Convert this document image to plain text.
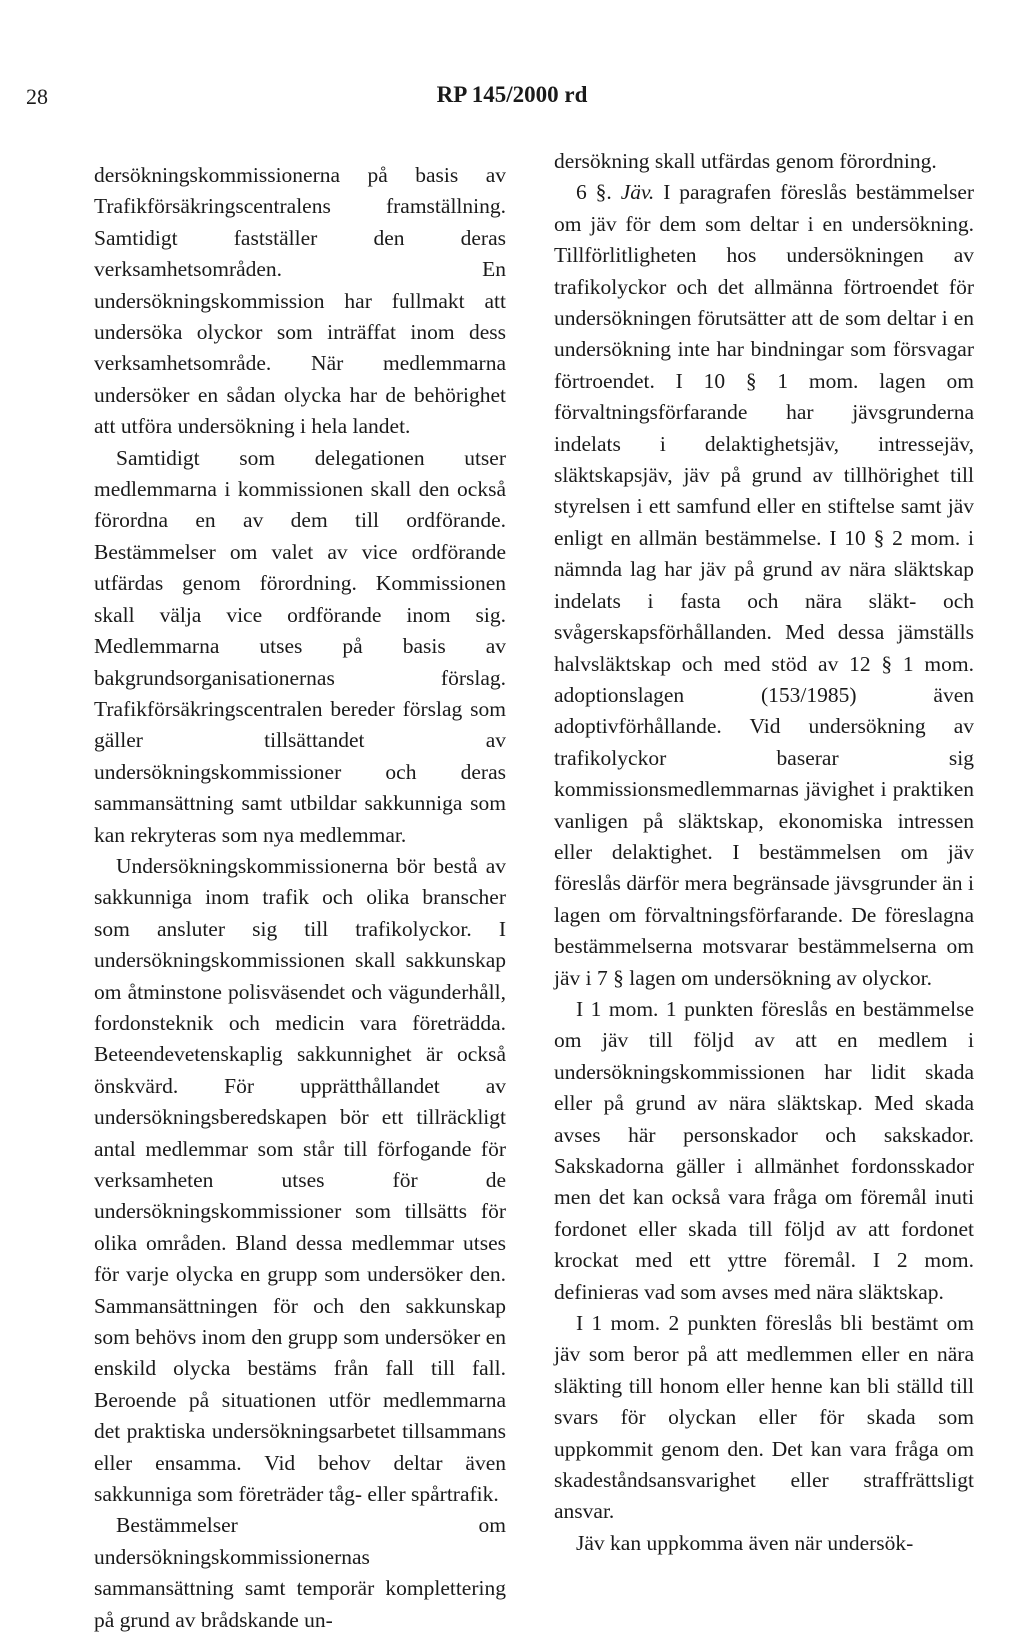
28	RP 145/2000 rd

dersökningskommissionerna på basis av Trafikförsäkringscentralens framställning. Samtidigt fastställer den deras verksamhetsområden. En undersökningskommission har fullmakt att undersöka olyckor som inträffat inom dess verksamhetsområde. När medlemmarna undersöker en sådan olycka har de behörighet att utföra undersökning i hela landet.

Samtidigt som delegationen utser medlemmarna i kommissionen skall den också förordna en av dem till ordförande. Bestämmelser om valet av vice ordförande utfärdas genom förordning. Kommissionen skall välja vice ordförande inom sig. Medlemmarna utses på basis av bakgrundsorganisationernas förslag. Trafikförsäkringscentralen bereder förslag som gäller tillsättandet av undersökningskommissioner och deras sammansättning samt utbildar sakkunniga som kan rekryteras som nya medlemmar.

Undersökningskommissionerna bör bestå av sakkunniga inom trafik och olika branscher som ansluter sig till trafikolyckor. I undersökningskommissionen skall sakkunskap om åtminstone polisväsendet och vägunderhåll, fordonsteknik och medicin vara företrädda. Beteendevetenskaplig sakkunnighet är också önskvärd. För upprätthållandet av undersökningsberedskapen bör ett tillräckligt antal medlemmar som står till förfogande för verksamheten utses för de undersökningskommissioner som tillsätts för olika områden. Bland dessa medlemmar utses för varje olycka en grupp som undersöker den. Sammansättningen för och den sakkunskap som behövs inom den grupp som undersöker en enskild olycka bestäms från fall till fall. Beroende på situationen utför medlemmarna det praktiska undersökningsarbetet tillsammans eller ensamma. Vid behov deltar även sakkunniga som företräder tåg- eller spårtrafik.

Bestämmelser om undersökningskommissionernas sammansättning samt temporär komplettering på grund av brådskande un-

dersökning skall utfärdas genom förordning.

6 §. Jäv. I paragrafen föreslås bestämmelser om jäv för dem som deltar i en undersökning. Tillförlitligheten hos undersökningen av trafikolyckor och det allmänna förtroendet för undersökningen förutsätter att de som deltar i en undersökning inte har bindningar som försvagar förtroendet. I 10 § 1 mom. lagen om förvaltningsförfarande har jävsgrunderna indelats i delaktighetsjäv, intressejäv, släktskapsjäv, jäv på grund av tillhörighet till styrelsen i ett samfund eller en stiftelse samt jäv enligt en allmän bestämmelse. I 10 § 2 mom. i nämnda lag har jäv på grund av nära släktskap indelats i fasta och nära släkt- och svågerskapsförhållanden. Med dessa jämställs halvsläktskap och med stöd av 12 § 1 mom. adoptionslagen (153/1985) även adoptivförhållande. Vid undersökning av trafikolyckor baserar sig kommissionsmedlemmarnas jävighet i praktiken vanligen på släktskap, ekonomiska intressen eller delaktighet. I bestämmelsen om jäv föreslås därför mera begränsade jävsgrunder än i lagen om förvaltningsförfarande. De föreslagna bestämmelserna motsvarar bestämmelserna om jäv i 7 § lagen om undersökning av olyckor.

I 1 mom. 1 punkten föreslås en bestämmelse om jäv till följd av att en medlem i undersökningskommissionen har lidit skada eller på grund av nära släktskap. Med skada avses här personskador och sakskador. Sakskadorna gäller i allmänhet fordonsskador men det kan också vara fråga om föremål inuti fordonet eller skada till följd av att fordonet krockat med ett yttre föremål. I 2 mom. definieras vad som avses med nära släktskap.

I 1 mom. 2 punkten föreslås bli bestämt om jäv som beror på att medlemmen eller en nära släkting till honom eller henne kan bli ställd till svars för olyckan eller för skada som uppkommit genom den. Det kan vara fråga om skadeståndsansvarighet eller straffrättsligt ansvar.

Jäv kan uppkomma även när undersök-
